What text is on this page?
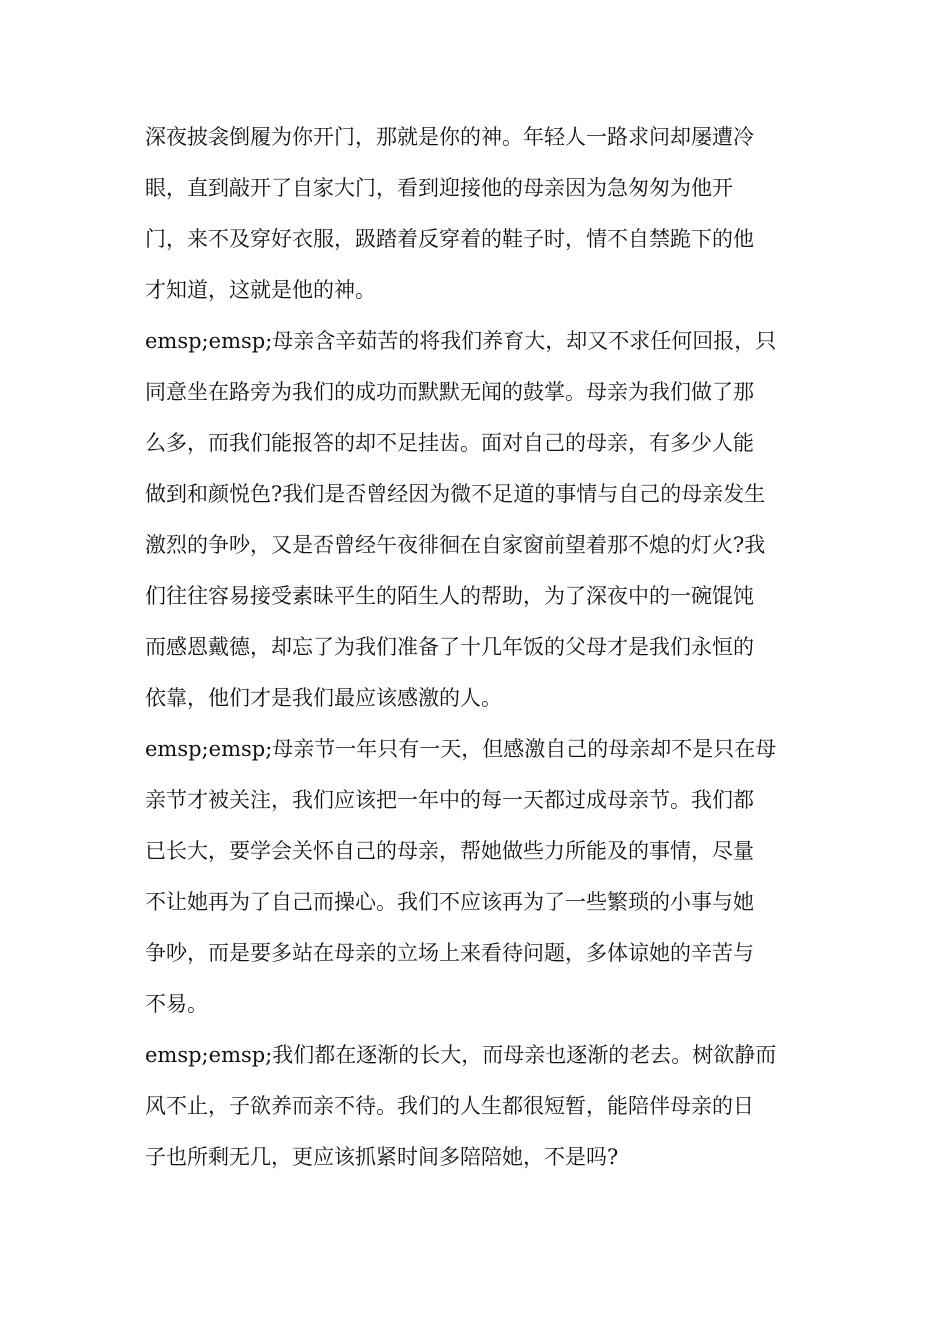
深夜披衾倒履为你开门，那就是你的神。年轻人一路求问却屡遭冷
眼，直到敲开了自家大门，看到迎接他的母亲因为急匆匆为他开
门，来不及穿好衣服，趿踏着反穿着的鞋子时，情不自禁跪下的他
才知道，这就是他的神。

emsp;emsp;母亲含辛茹苦的将我们养育大，却又不求任何回报，只
同意坐在路旁为我们的成功而默默无闻的鼓掌。母亲为我们做了那
么多，而我们能报答的却不足挂齿。面对自己的母亲，有多少人能
做到和颜悦色?我们是否曾经因为微不足道的事情与自己的母亲发生
激烈的争吵，又是否曾经午夜徘徊在自家窗前望着那不熄的灯火?我
们往往容易接受素昧平生的陌生人的帮助，为了深夜中的一碗馄饨
而感恩戴德，却忘了为我们准备了十几年饭的父母才是我们永恒的
依靠，他们才是我们最应该感激的人。

emsp;emsp;母亲节一年只有一天，但感激自己的母亲却不是只在母
亲节才被关注，我们应该把一年中的每一天都过成母亲节。我们都
已长大，要学会关怀自己的母亲，帮她做些力所能及的事情，尽量
不让她再为了自己而操心。我们不应该再为了一些繁琐的小事与她
争吵，而是要多站在母亲的立场上来看待问题，多体谅她的辛苦与
不易。

emsp;emsp;我们都在逐渐的长大，而母亲也逐渐的老去。树欲静而
风不止，子欲养而亲不待。我们的人生都很短暂，能陪伴母亲的日
子也所剩无几，更应该抓紧时间多陪陪她，不是吗?
